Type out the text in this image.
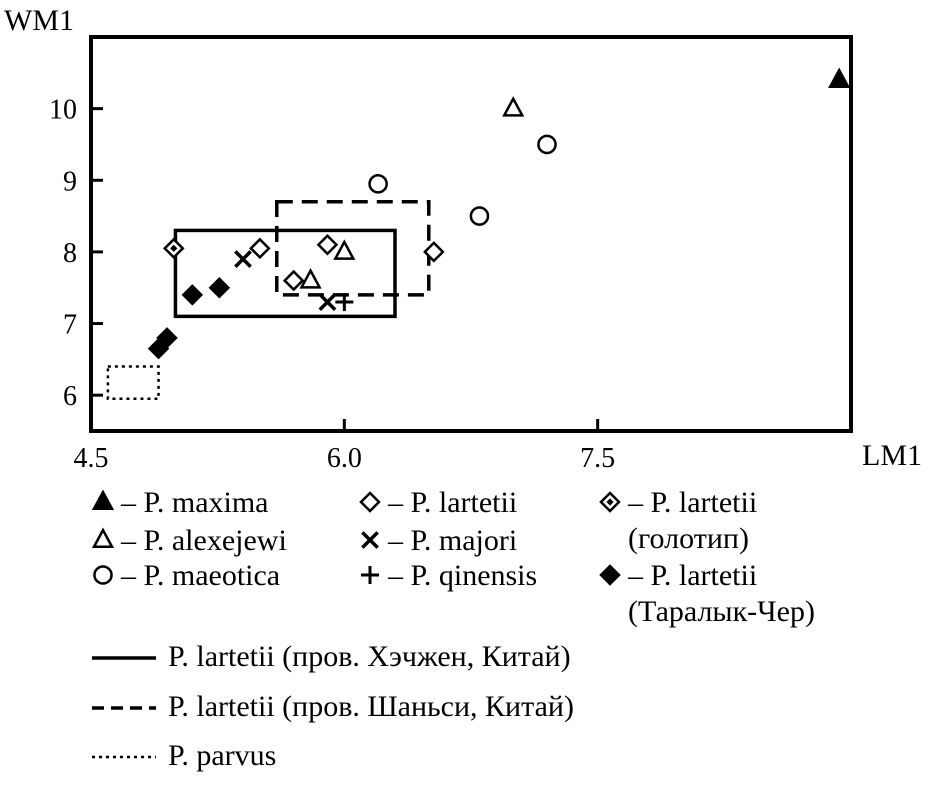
WM1
LM1
4.5	6.0	7.5
6
7
8
9
10
– P. maxima
– P. alexejewi
– P. maeotica
– P. lartetii
– P. majori
– P. qinensis
– P. lartetii
(голотип)
– P. lartetii
(Таралык-Чер)
P. lartetii (пров. Хэчжен, Китай)
P. lartetii (пров. Шаньси, Китай)
P. parvus
